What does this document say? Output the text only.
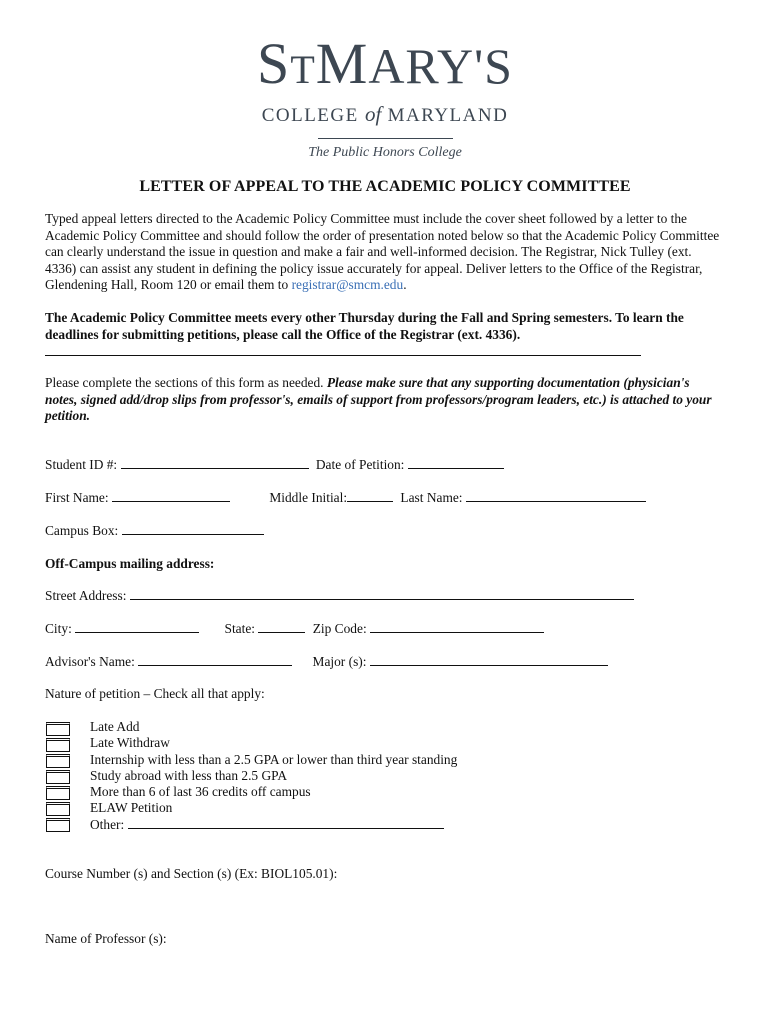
STMARY'S
COLLEGE of MARYLAND
The Public Honors College
LETTER OF APPEAL TO THE ACADEMIC POLICY COMMITTEE
Typed appeal letters directed to the Academic Policy Committee must include the cover sheet followed by a letter to the Academic Policy Committee and should follow the order of presentation noted below so that the Academic Policy Committee can clearly understand the issue in question and make a fair and well-informed decision. The Registrar, Nick Tulley (ext. 4336) can assist any student in defining the policy issue accurately for appeal. Deliver letters to the Office of the Registrar, Glendening Hall, Room 120 or email them to registrar@smcm.edu.
The Academic Policy Committee meets every other Thursday during the Fall and Spring semesters. To learn the deadlines for submitting petitions, please call the Office of the Registrar (ext. 4336).
Please complete the sections of this form as needed. Please make sure that any supporting documentation (physician's notes, signed add/drop slips from professor's, emails of support from professors/program leaders, etc.) is attached to your petition.
Student ID #:	Date of Petition:
First Name:	Middle Initial:	Last Name:
Campus Box:
Off-Campus mailing address:
Street Address:
City:	State:	Zip Code:
Advisor's Name:	Major (s):
Nature of petition – Check all that apply:
Late Add
Late Withdraw
Internship with less than a 2.5 GPA or lower than third year standing
Study abroad with less than 2.5 GPA
More than 6 of last 36 credits off campus
ELAW Petition
Other:
Course Number (s) and Section (s) (Ex: BIOL105.01):
Name of Professor (s):
